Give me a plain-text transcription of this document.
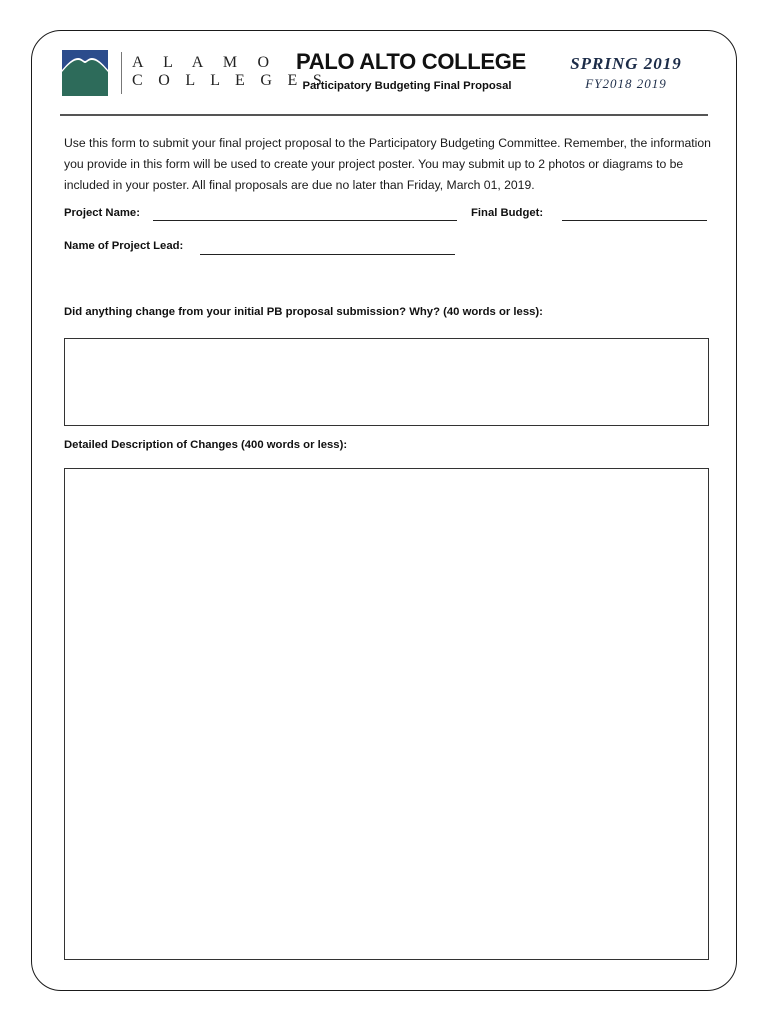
A L A M O
C O L L E G E S
PALO ALTO COLLEGE
Participatory Budgeting Final Proposal
SPRING 2019
FY2018 2019
Use this form to submit your final project proposal to the Participatory Budgeting Committee. Remember, the information you provide in this form will be used to create your project poster. You may submit up to 2 photos or diagrams to be included in your poster. All final proposals are due no later than Friday, March 01, 2019.
Project Name:	Final Budget:
Name of Project Lead:
Did anything change from your initial PB proposal submission? Why? (40 words or less):
Detailed Description of Changes (400 words or less):
